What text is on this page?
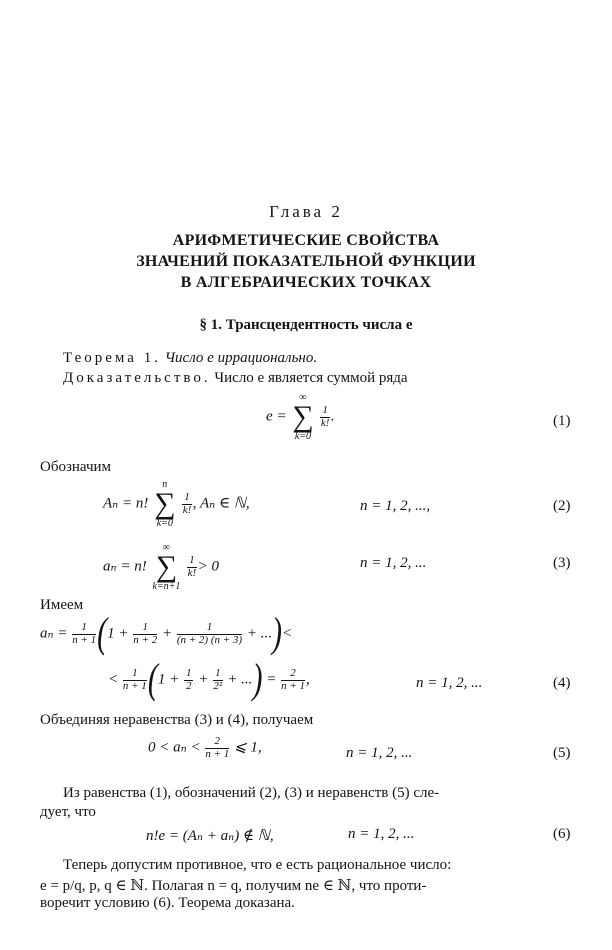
Глава 2
АРИФМЕТИЧЕСКИЕ СВОЙСТВА
ЗНАЧЕНИЙ ПОКАЗАТЕЛЬНОЙ ФУНКЦИИ
В АЛГЕБРАИЧЕСКИХ ТОЧКАХ
§ 1. Трансцендентность числа e
Теорема 1. Число e иррационально.
Доказательство. Число e является суммой ряда
e =
∞
∑
k=0

$\frac{1}{k!}$ .	(1)
Обозначим
Aₙ = n!
n
∑
k=0

$\frac{1}{k!}$ , Aₙ ∈ ℕ,	n = 1, 2, ...,	(2)
aₙ = n!
∞
∑
k=n+1

$\frac{1}{k!} > 0$	n = 1, 2, ...	(3)
Имеем
$a_n = \frac{1}{n + 1} (1 + \frac{1}{n + 2} + \frac{1}{(n + 2) (n + 3)}$ + ...)<
< $\frac{1}{n + 1} (1 + \frac{1}{2} + \frac{1}{\text{2²}}$ + ...) = $\frac{2}{n + 1}$ ,	n = 1, 2, ...	(4)
Объединяя неравенства (3) и (4), получаем
$0 < a_n < \frac{2}{n + 1}$ ⩽ 1,	n = 1, 2, ...	(5)
Из равенства (1), обозначений (2), (3) и неравенств (5) сле-
дует, что
n!e = (Aₙ + aₙ) ∉ ℕ,	n = 1, 2, ...	(6)
Теперь допустим противное, что e есть рациональное число:
e = p/q, p, q ∈ ℕ. Полагая n = q, получим ne ∈ ℕ, что проти-
воречит условию (6). Теорема доказана.
